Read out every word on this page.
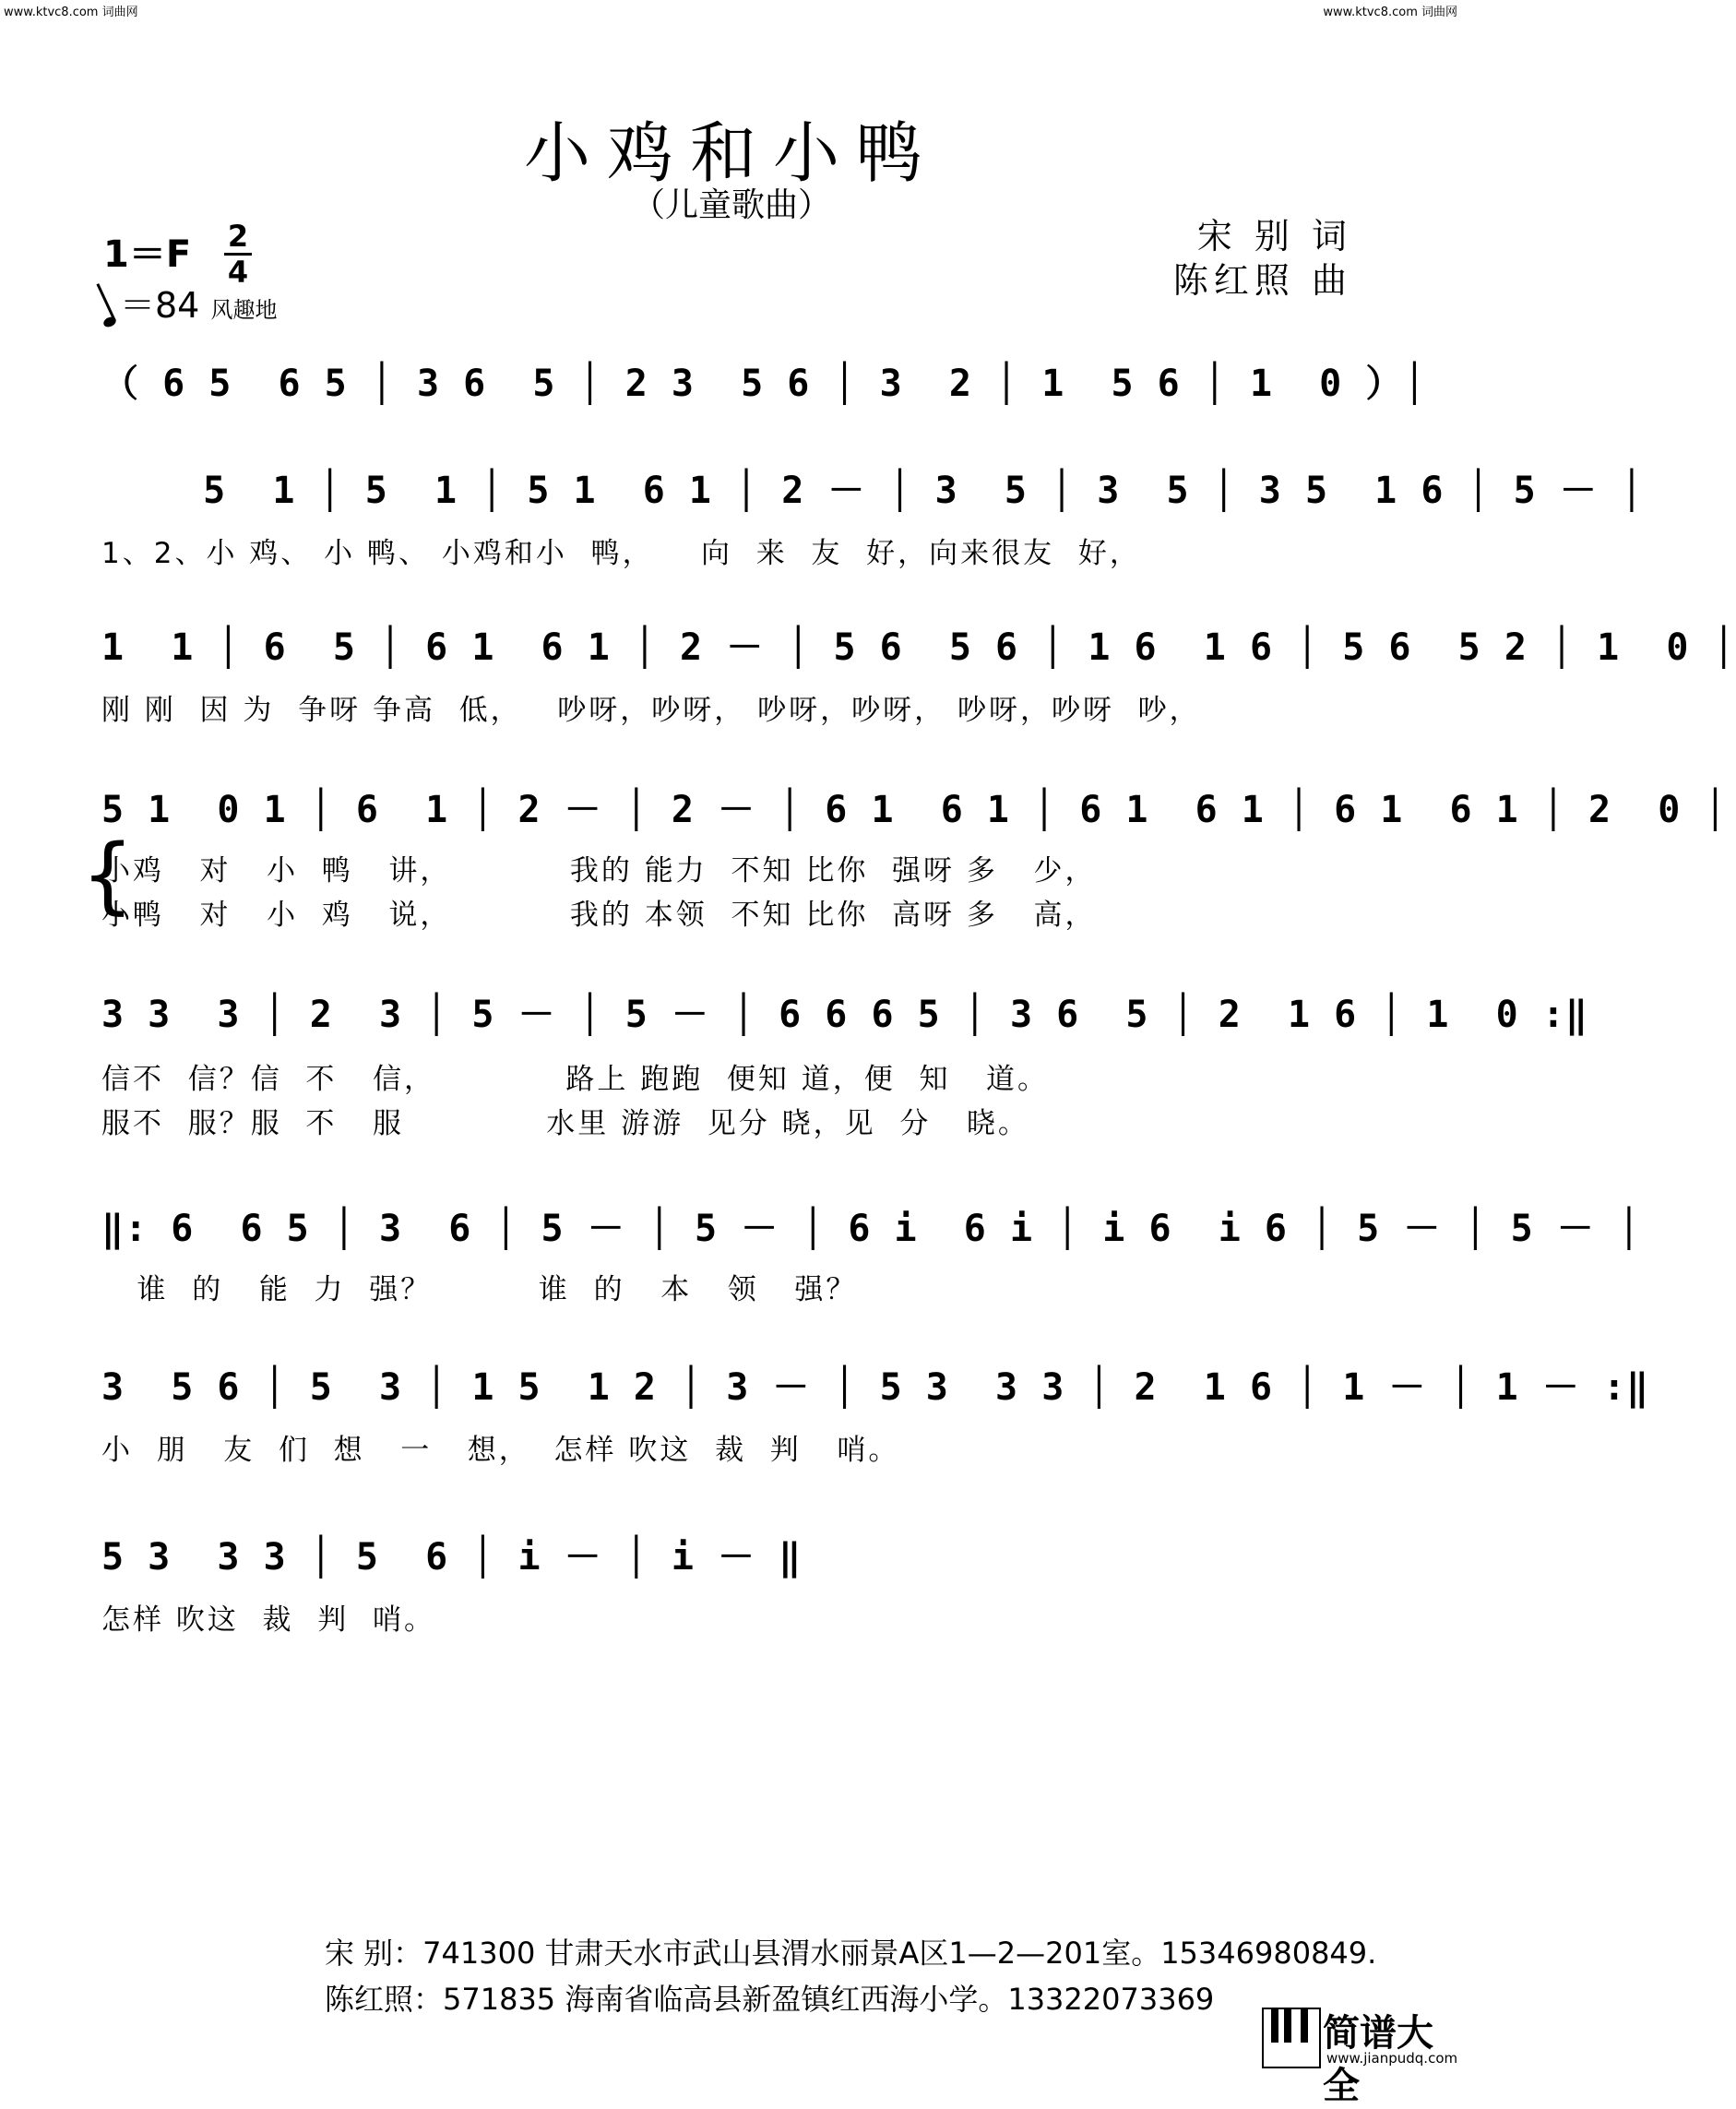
www.ktvc8.com 词曲网	www.ktvc8.com 词曲网
小鸡和小鸭
（儿童歌曲）
1＝F 2
4
＝84 风趣地
宋 别 词
陈红照 曲
（ 6 5  6 5 │ 3 6  5 │ 2 3  5 6 │ 3  2 │ 1  5 6 │ 1  0 ）│
5  1 │ 5  1 │ 5 1  6 1 │ 2 － │ 3  5 │ 3  5 │ 3 5  1 6 │ 5 － │
1、2、小 鸡、 小 鸭、 小鸡和小  鸭，    向  来  友  好，向来很友  好，
1  1 │ 6  5 │ 6 1  6 1 │ 2 － │ 5 6  5 6 │ 1 6  1 6 │ 5 6  5 2 │ 1  0 │
刚 刚  因 为  争呀 争高  低，   吵呀，吵呀， 吵呀，吵呀， 吵呀，吵呀  吵，
5 1  0 1 │ 6  1 │ 2 － │ 2 － │ 6 1  6 1 │ 6 1  6 1 │ 6 1  6 1 │ 2  0 │
{
小鸡   对   小  鸭   讲，          我的 能力  不知 比你  强呀 多   少，
小鸭   对   小  鸡   说，          我的 本领  不知 比你  高呀 多   高，
3 3  3 │ 2  3 │ 5 － │ 5 － │ 6 6 6 5 │ 3 6  5 │ 2  1 6 │ 1  0 :‖
信不  信？信  不   信，           路上 跑跑  便知 道，便  知   道。
服不  服？服  不   服            水里 游游  见分 晓，见  分   晓。
‖: 6  6 5 │ 3  6 │ 5 － │ 5 － │ 6 i  6 i │ i 6  i 6 │ 5 － │ 5 － │
谁  的   能  力  强？         谁  的   本   领   强？
3  5 6 │ 5  3 │ 1 5  1 2 │ 3 － │ 5 3  3 3 │ 2  1 6 │ 1 － │ 1 － :‖
小  朋   友  们  想   一   想，  怎样 吹这  裁  判   哨。
5 3  3 3 │ 5  6 │ i － │ i － ‖
怎样 吹这  裁  判  哨。
宋 别：741300 甘肃天水市武山县渭水丽景A区1—2—201室。15346980849.
陈红照：571835 海南省临高县新盈镇红西海小学。13322073369
简谱大全
www.jianpudq.com
